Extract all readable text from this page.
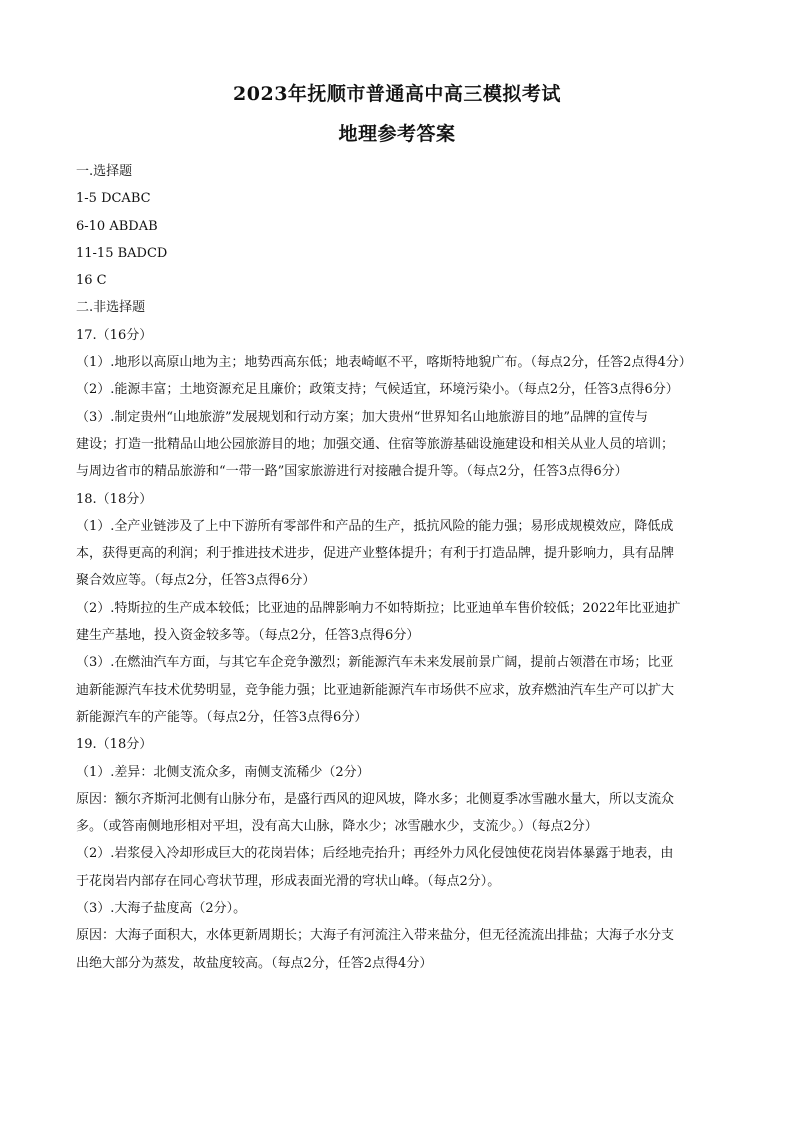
2023年抚顺市普通高中高三模拟考试
地理参考答案
一.选择题
1-5 DCABC
6-10 ABDAB
11-15 BADCD
16 C
二.非选择题
17.（16分）
（1）.地形以高原山地为主；地势西高东低；地表崎岖不平，喀斯特地貌广布。（每点2分，任答2点得4分）
（2）.能源丰富；土地资源充足且廉价；政策支持；气候适宜，环境污染小。（每点2分，任答3点得6分）
（3）.制定贵州“山地旅游”发展规划和行动方案；加大贵州“世界知名山地旅游目的地”品牌的宣传与
建设；打造一批精品山地公园旅游目的地；加强交通、住宿等旅游基础设施建设和相关从业人员的培训；
与周边省市的精品旅游和“一带一路”国家旅游进行对接融合提升等。（每点2分，任答3点得6分）
18.（18分）
（1）.全产业链涉及了上中下游所有零部件和产品的生产，抵抗风险的能力强；易形成规模效应，降低成
本，获得更高的利润；利于推进技术进步，促进产业整体提升；有利于打造品牌，提升影响力，具有品牌
聚合效应等。（每点2分，任答3点得6分）
（2）.特斯拉的生产成本较低；比亚迪的品牌影响力不如特斯拉；比亚迪单车售价较低；2022年比亚迪扩
建生产基地，投入资金较多等。（每点2分，任答3点得6分）
（3）.在燃油汽车方面，与其它车企竞争激烈；新能源汽车未来发展前景广阔，提前占领潜在市场；比亚
迪新能源汽车技术优势明显，竞争能力强；比亚迪新能源汽车市场供不应求，放弃燃油汽车生产可以扩大
新能源汽车的产能等。（每点2分，任答3点得6分）
19.（18分）
（1）.差异：北侧支流众多，南侧支流稀少（2分）
原因：额尔齐斯河北侧有山脉分布，是盛行西风的迎风坡，降水多；北侧夏季冰雪融水量大，所以支流众
多。（或答南侧地形相对平坦，没有高大山脉，降水少；冰雪融水少，支流少。）（每点2分）
（2）.岩浆侵入冷却形成巨大的花岗岩体；后经地壳抬升；再经外力风化侵蚀使花岗岩体暴露于地表，由
于花岗岩内部存在同心弯状节理，形成表面光滑的穹状山峰。（每点2分）。
（3）.大海子盐度高（2分）。
原因：大海子面积大，水体更新周期长；大海子有河流注入带来盐分，但无径流流出排盐；大海子水分支
出绝大部分为蒸发，故盐度较高。（每点2分，任答2点得4分）
